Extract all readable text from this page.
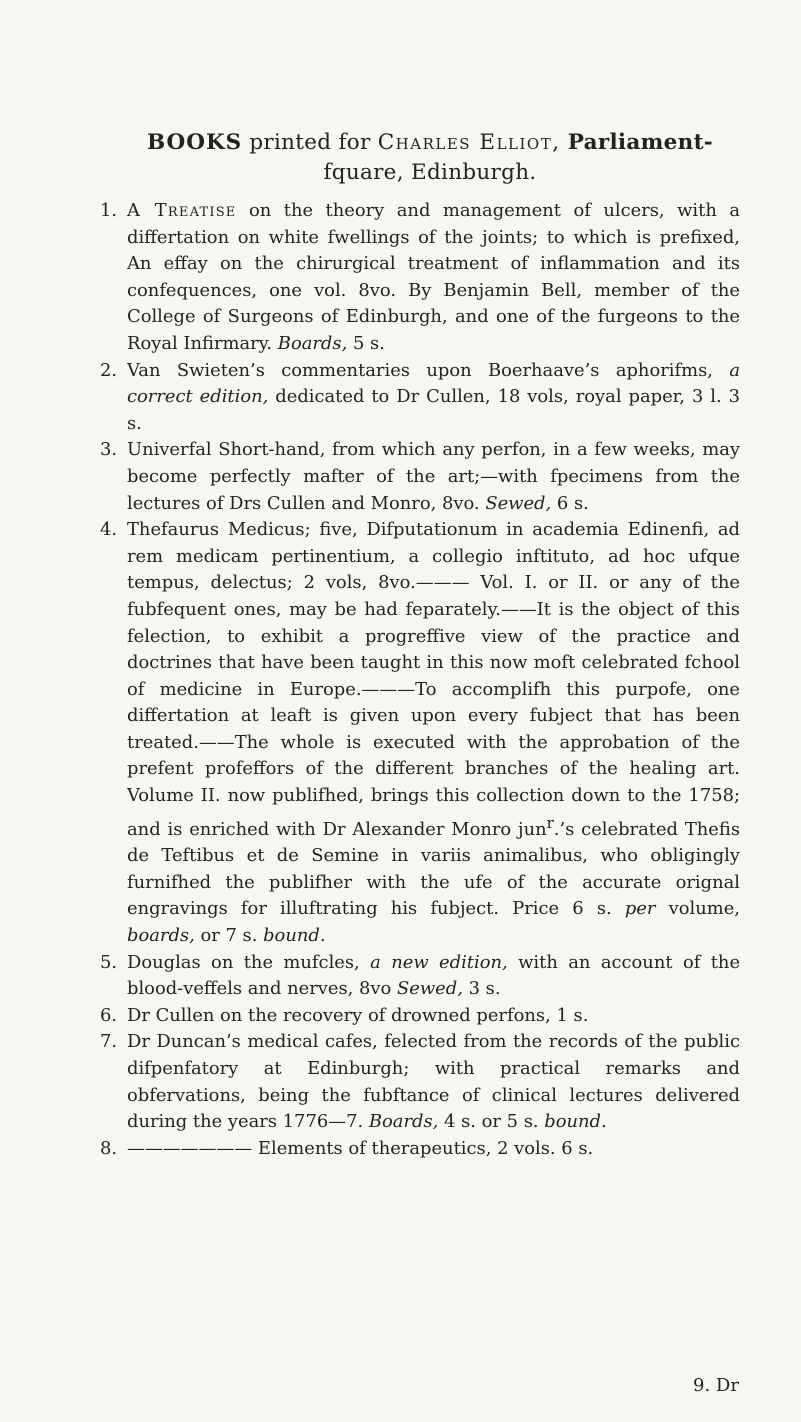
BOOKS printed for Charles Elliot, Parliament-
fquare, Edinburgh.
1. A Treatise on the theory and management of ulcers, with a differtation on white fwellings of the joints; to which is prefixed, An effay on the chirurgical treatment of inflammation and its confequences, one vol. 8vo. By Benjamin Bell, member of the College of Surgeons of Edinburgh, and one of the furgeons to the Royal Infirmary. Boards, 5 s.
2. Van Swieten’s commentaries upon Boerhaave’s aphorifms, a correct edition, dedicated to Dr Cullen, 18 vols, royal paper, 3 l. 3 s.
3. Univerfal Short-hand, from which any perfon, in a few weeks, may become perfectly mafter of the art;—with fpecimens from the lectures of Drs Cullen and Monro, 8vo. Sewed, 6 s.
4. Thefaurus Medicus; five, Difputationum in academia Edinenfi, ad rem medicam pertinentium, a collegio inftituto, ad hoc ufque tempus, delectus; 2 vols, 8vo.——— Vol. I. or II. or any of the fubfequent ones, may be had feparately.——It is the object of this felection, to exhibit a progreffive view of the practice and doctrines that have been taught in this now moft celebrated fchool of medicine in Europe.———To accomplifh this purpofe, one differtation at leaft is given upon every fubject that has been treated.——The whole is executed with the approbation of the prefent profeffors of the different branches of the healing art. Volume II. now publifhed, brings this collection down to the 1758; and is enriched with Dr Alexander Monro jun$^r$.’s celebrated Thefis de Teftibus et de Semine in variis animalibus, who obligingly furnifhed the publifher with the ufe of the accurate orignal engravings for illuftrating his fubject. Price 6 s. per volume, boards, or 7 s. bound.
5. Douglas on the mufcles, a new edition, with an account of the blood-veffels and nerves, 8vo Sewed, 3 s.
6. Dr Cullen on the recovery of drowned perfons, 1 s.
7. Dr Duncan’s medical cafes, felected from the records of the public difpenfatory at Edinburgh; with practical remarks and obfervations, being the fubftance of clinical lectures delivered during the years 1776—7. Boards, 4 s. or 5 s. bound.
8. ——————— Elements of therapeutics, 2 vols. 6 s.
9. Dr
